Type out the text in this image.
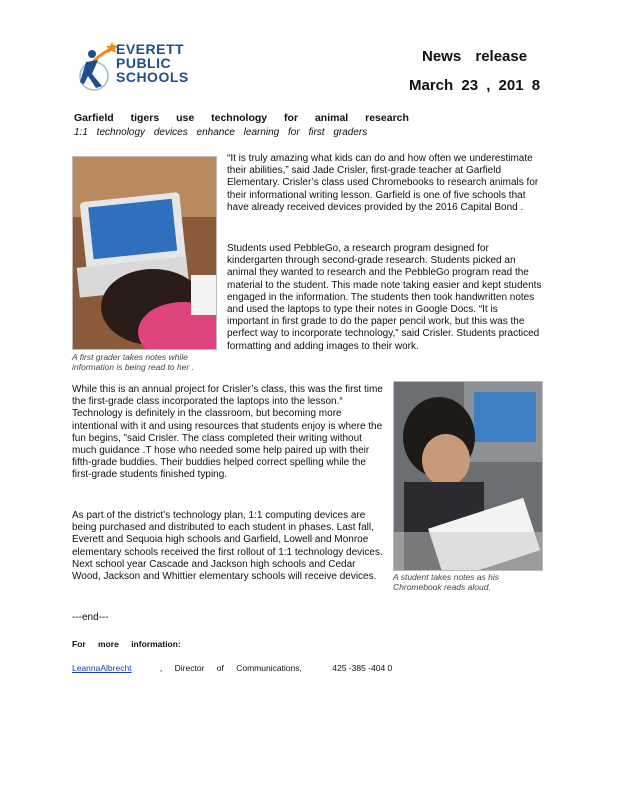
EVERETT
PUBLIC
SCHOOLS
News release
March 23 , 201 8
Garfield tigers use technology for animal research
1:1 technology devices enhance learning for first graders
A first grader takes notes while information is being read to her .

“It is truly amazing what kids can do and how often we underestimate their abilities,” said Jade Crisler, first-grade teacher at Garfield Elementary. Crisler’s class used Chromebooks to research animals for their informational writing lesson. Garfield is one of five schools that have already received devices provided by the 2016 Capital Bond .

Students used PebbleGo, a research program designed for kindergarten through second-grade research. Students picked an animal they wanted to research and the PebbleGo program read the material to the student. This made note taking easier and kept students engaged in the information. The students then took handwritten notes and used the laptops to type their notes in Google Docs. “It is important in first grade to do the paper pencil work, but this was the perfect way to incorporate technology,” said Crisler. Students practiced formatting and adding images to their work.

While this is an annual project for Crisler’s class, this was the first time the first-grade class incorporated the laptops into the lesson.“ Technology is definitely in the classroom, but becoming more intentional with it and using resources that students enjoy is where the fun begins, ”said Crisler. The class completed their writing without much guidance .T hose who needed some help paired up with their fifth-grade buddies. Their buddies helped correct spelling while the first-grade students finished typing.

A student takes notes as his Chromebook reads aloud.

As part of the district’s technology plan, 1:1 computing devices are being purchased and distributed to each student in phases. Last fall, Everett and Sequoia high schools and Garfield, Lowell and Monroe elementary schools received the first rollout of 1:1 technology devices. Next school year Cascade and Jackson high schools and Cedar Wood, Jackson and Whittier elementary schools will receive devices.

---end---
For more information:
LeannaAlbrecht	, Director of Communications,	425 -385 -404 0
